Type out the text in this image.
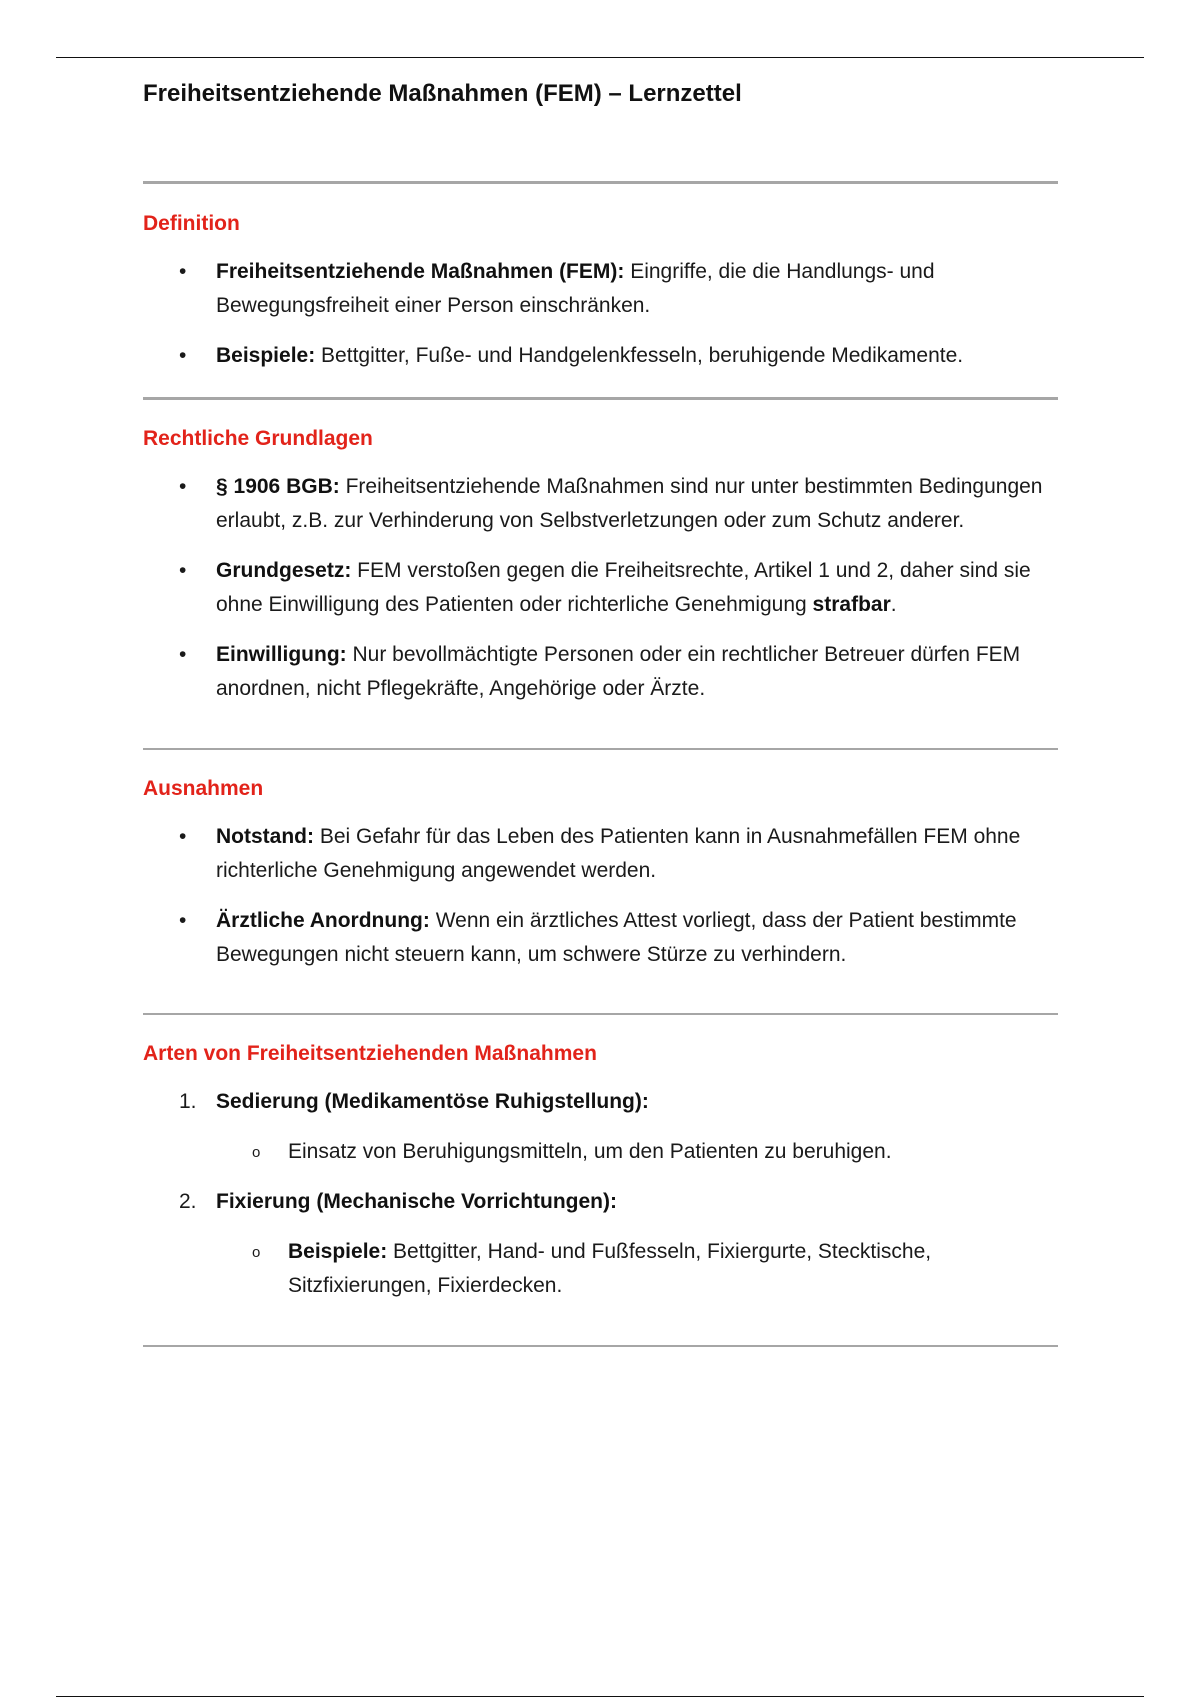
Freiheitsentziehende Maßnahmen (FEM) – Lernzettel
Definition
• Freiheitsentziehende Maßnahmen (FEM): Eingriffe, die die Handlungs- und Bewegungsfreiheit einer Person einschränken.
• Beispiele: Bettgitter, Fuße- und Handgelenkfesseln, beruhigende Medikamente.
Rechtliche Grundlagen
• § 1906 BGB: Freiheitsentziehende Maßnahmen sind nur unter bestimmten Bedingungen erlaubt, z.B. zur Verhinderung von Selbstverletzungen oder zum Schutz anderer.
• Grundgesetz: FEM verstoßen gegen die Freiheitsrechte, Artikel 1 und 2, daher sind sie ohne Einwilligung des Patienten oder richterliche Genehmigung strafbar.
• Einwilligung: Nur bevollmächtigte Personen oder ein rechtlicher Betreuer dürfen FEM anordnen, nicht Pflegekräfte, Angehörige oder Ärzte.
Ausnahmen
• Notstand: Bei Gefahr für das Leben des Patienten kann in Ausnahmefällen FEM ohne richterliche Genehmigung angewendet werden.
• Ärztliche Anordnung: Wenn ein ärztliches Attest vorliegt, dass der Patient bestimmte Bewegungen nicht steuern kann, um schwere Stürze zu verhindern.
Arten von Freiheitsentziehenden Maßnahmen
1. Sedierung (Medikamentöse Ruhigstellung):
o Einsatz von Beruhigungsmitteln, um den Patienten zu beruhigen.
2. Fixierung (Mechanische Vorrichtungen):
o Beispiele: Bettgitter, Hand- und Fußfesseln, Fixiergurte, Stecktische, Sitzfixierungen, Fixierdecken.
